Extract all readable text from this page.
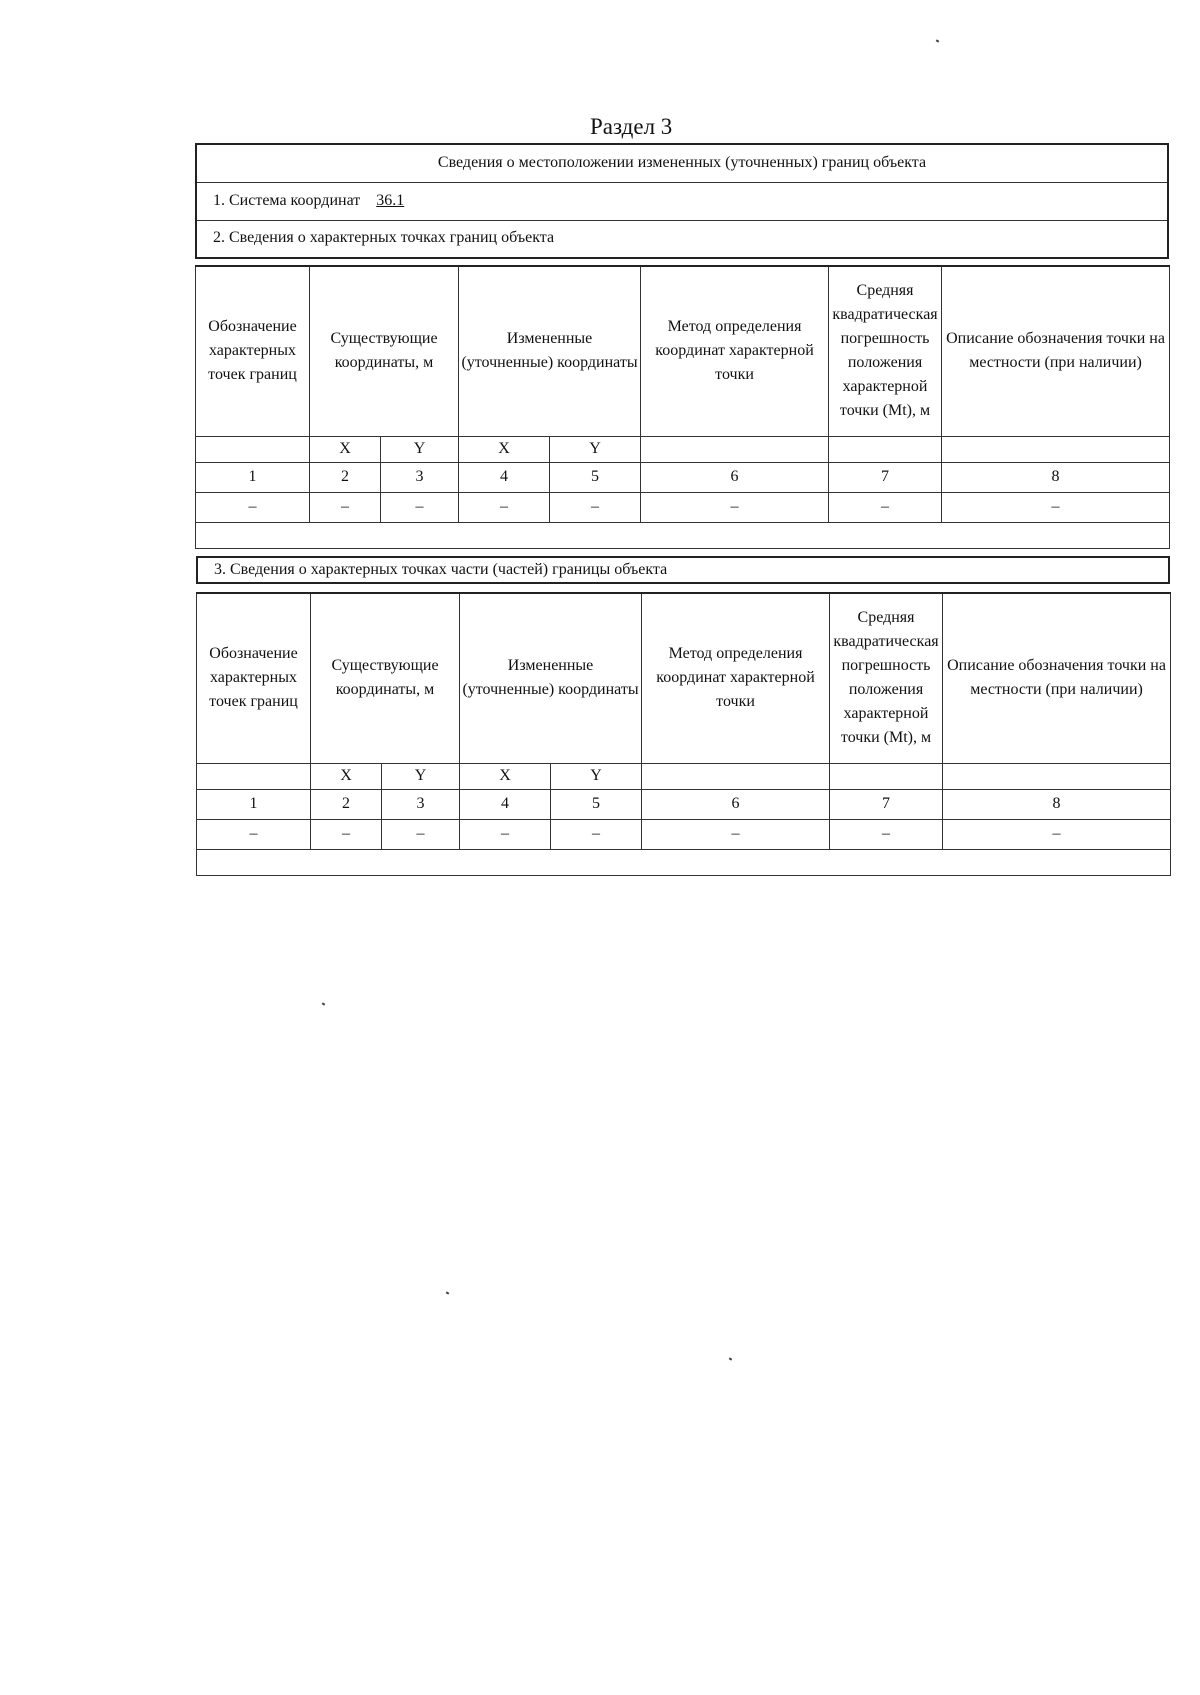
Раздел 3
Сведения о местоположении измененных (уточненных) границ объекта
1. Система координат 36.1
2. Сведения о характерных точках границ объекта
Обозначение характерных точек границ	Существующие координаты, м		Измененные (уточненные) координаты		Метод определения координат характерной точки	Средняя квадратическая погрешность положения характерной точки (Mt), м	Описание обозначения точки на местности (при наличии)
	X	Y	X	Y			
1	2	3	4	5	6	7	8
–	–	–	–	–	–	–	–

3. Сведения о характерных точках части (частей) границы объекта
Обозначение характерных точек границ	Существующие координаты, м		Измененные (уточненные) координаты		Метод определения координат характерной точки	Средняя квадратическая погрешность положения характерной точки (Mt), м	Описание обозначения точки на местности (при наличии)
	X	Y	X	Y			
1	2	3	4	5	6	7	8
–	–	–	–	–	–	–	–
